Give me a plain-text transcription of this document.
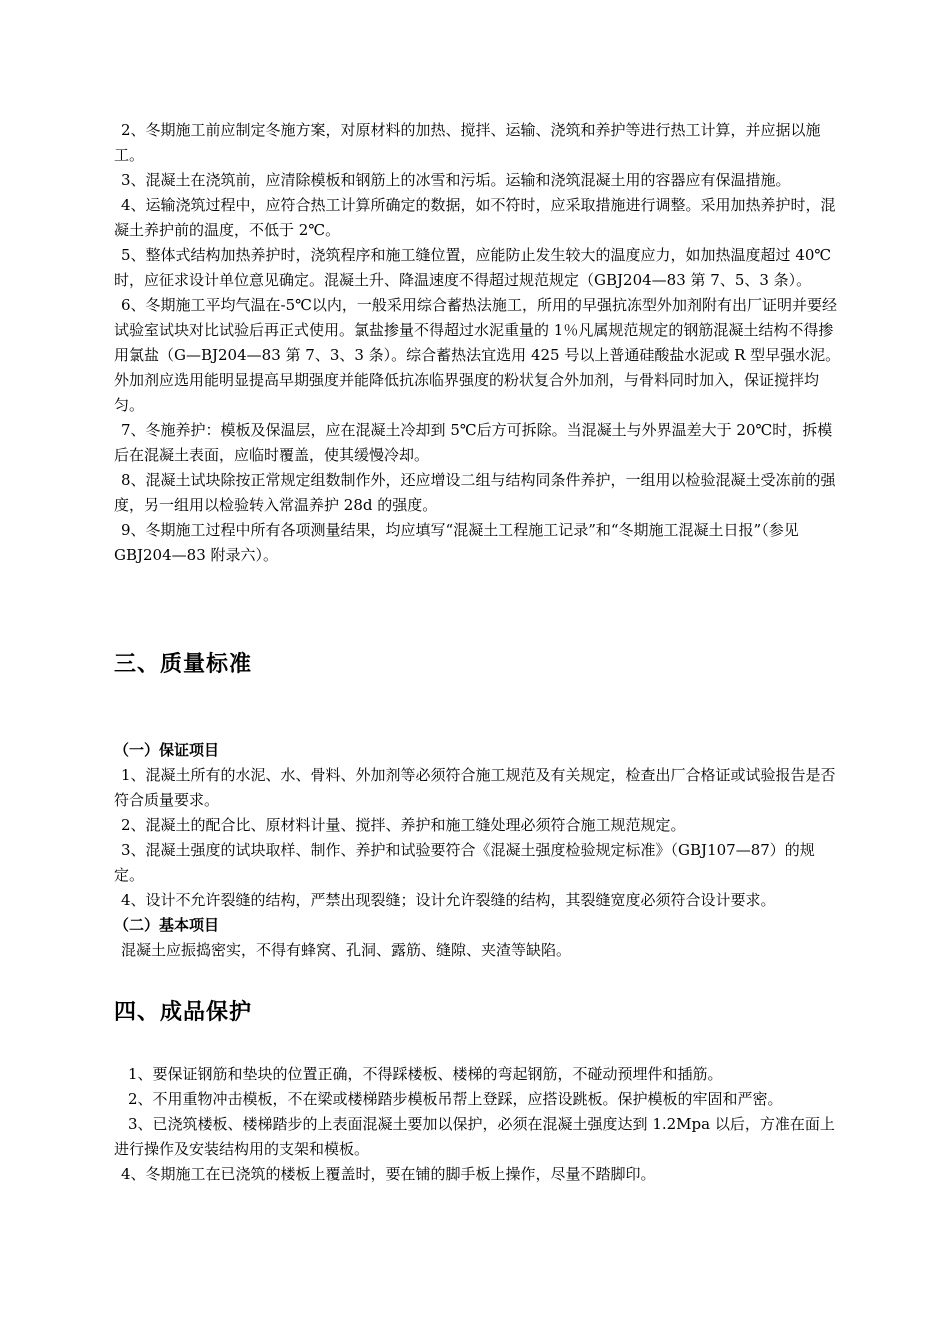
2、冬期施工前应制定冬施方案，对原材料的加热、搅拌、运输、浇筑和养护等进行热工计算，并应据以施工。

3、混凝土在浇筑前，应清除模板和钢筋上的冰雪和污垢。运输和浇筑混凝土用的容器应有保温措施。

4、运输浇筑过程中，应符合热工计算所确定的数据，如不符时，应采取措施进行调整。采用加热养护时，混凝土养护前的温度，不低于 2℃。

5、整体式结构加热养护时，浇筑程序和施工缝位置，应能防止发生较大的温度应力，如加热温度超过 40℃时，应征求设计单位意见确定。混凝土升、降温速度不得超过规范规定（GBJ204—83 第 7、5、3 条）。

6、冬期施工平均气温在-5℃以内，一般采用综合蓄热法施工，所用的早强抗冻型外加剂附有出厂证明并要经试验室试块对比试验后再正式使用。氯盐掺量不得超过水泥重量的 1％凡属规范规定的钢筋混凝土结构不得掺用氯盐（G—BJ204—83 第 7、3、3 条）。综合蓄热法宜选用 425 号以上普通硅酸盐水泥或 R 型早强水泥。外加剂应选用能明显提高早期强度并能降低抗冻临界强度的粉状复合外加剂，与骨料同时加入，保证搅拌均匀。

7、冬施养护：模板及保温层，应在混凝土冷却到 5℃后方可拆除。当混凝土与外界温差大于 20℃时，拆模后在混凝土表面，应临时覆盖，使其缓慢冷却。

8、混凝土试块除按正常规定组数制作外，还应增设二组与结构同条件养护，一组用以检验混凝土受冻前的强度，另一组用以检验转入常温养护 28d 的强度。

9、冬期施工过程中所有各项测量结果，均应填写“混凝土工程施工记录”和“冬期施工混凝土日报”（参见 GBJ204—83 附录六）。

三、质量标准
（一）保证项目

1、混凝土所有的水泥、水、骨料、外加剂等必须符合施工规范及有关规定，检查出厂合格证或试验报告是否符合质量要求。

2、混凝土的配合比、原材料计量、搅拌、养护和施工缝处理必须符合施工规范规定。

3、混凝土强度的试块取样、制作、养护和试验要符合《混凝土强度检验规定标准》（GBJ107—87）的规定。

4、设计不允许裂缝的结构，严禁出现裂缝；设计允许裂缝的结构，其裂缝宽度必须符合设计要求。

（二）基本项目

混凝土应振捣密实，不得有蜂窝、孔洞、露筋、缝隙、夹渣等缺陷。

四、成品保护

1、要保证钢筋和垫块的位置正确，不得踩楼板、楼梯的弯起钢筋，不碰动预埋件和插筋。

2、不用重物冲击模板，不在梁或楼梯踏步模板吊帮上登踩，应搭设跳板。保护模板的牢固和严密。

3、已浇筑楼板、楼梯踏步的上表面混凝土要加以保护，必须在混凝土强度达到 1.2Mpa 以后，方准在面上进行操作及安装结构用的支架和模板。

4、冬期施工在已浇筑的楼板上覆盖时，要在铺的脚手板上操作，尽量不踏脚印。
